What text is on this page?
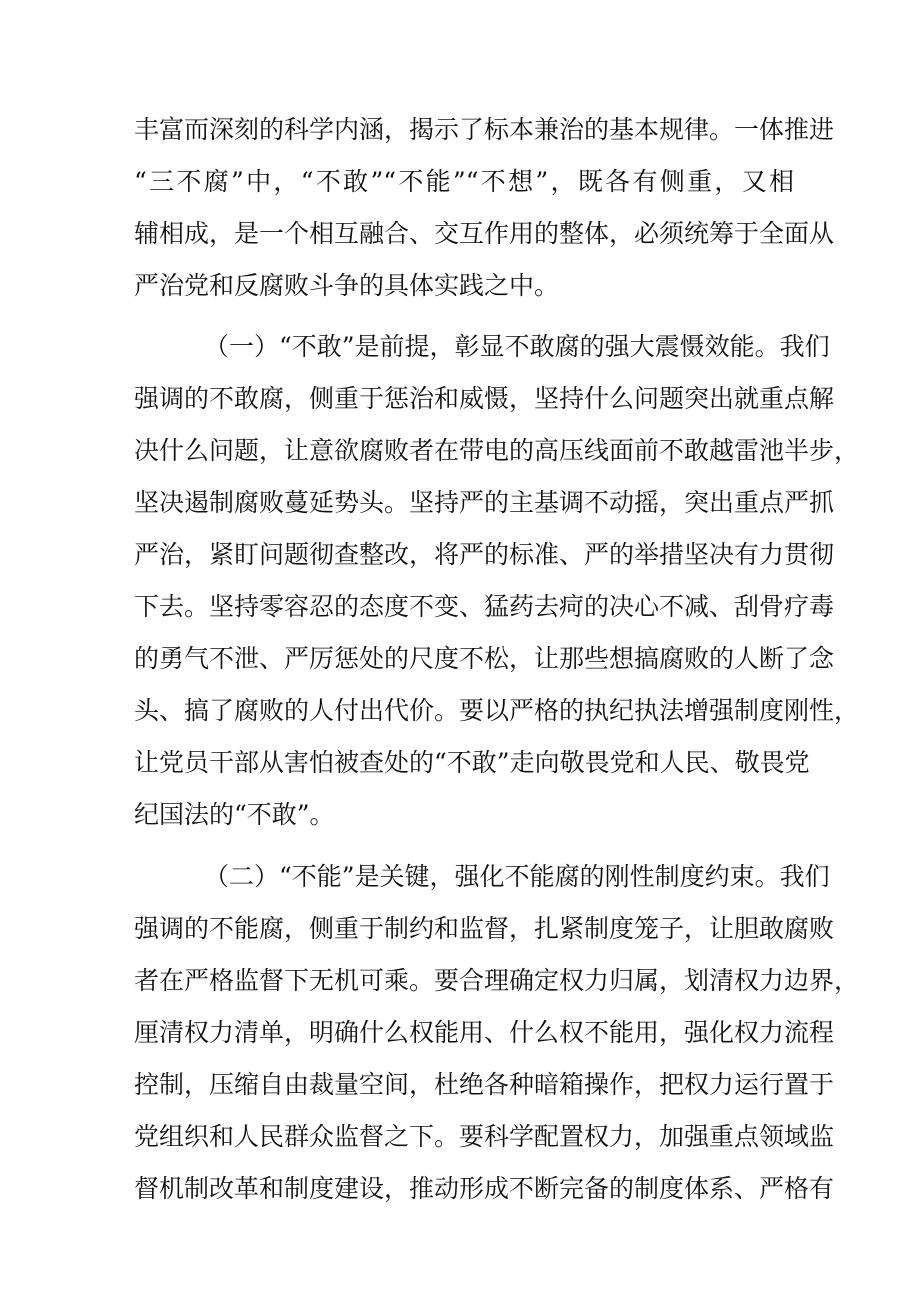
丰富而深刻的科学内涵，揭示了标本兼治的基本规律。一体推进
“三不腐”中，“不敢”“不能”“不想”，既各有侧重，又相
辅相成，是一个相互融合、交互作用的整体，必须统筹于全面从
严治党和反腐败斗争的具体实践之中。
（一）“不敢”是前提，彰显不敢腐的强大震慑效能。我们
强调的不敢腐，侧重于惩治和威慑，坚持什么问题突出就重点解
决什么问题，让意欲腐败者在带电的高压线面前不敢越雷池半步，
坚决遏制腐败蔓延势头。坚持严的主基调不动摇，突出重点严抓
严治，紧盯问题彻查整改，将严的标准、严的举措坚决有力贯彻
下去。坚持零容忍的态度不变、猛药去疴的决心不减、刮骨疗毒
的勇气不泄、严厉惩处的尺度不松，让那些想搞腐败的人断了念
头、搞了腐败的人付出代价。要以严格的执纪执法增强制度刚性，
让党员干部从害怕被查处的“不敢”走向敬畏党和人民、敬畏党
纪国法的“不敢”。
（二）“不能”是关键，强化不能腐的刚性制度约束。我们
强调的不能腐，侧重于制约和监督，扎紧制度笼子，让胆敢腐败
者在严格监督下无机可乘。要合理确定权力归属，划清权力边界，
厘清权力清单，明确什么权能用、什么权不能用，强化权力流程
控制，压缩自由裁量空间，杜绝各种暗箱操作，把权力运行置于
党组织和人民群众监督之下。要科学配置权力，加强重点领域监
督机制改革和制度建设，推动形成不断完备的制度体系、严格有
